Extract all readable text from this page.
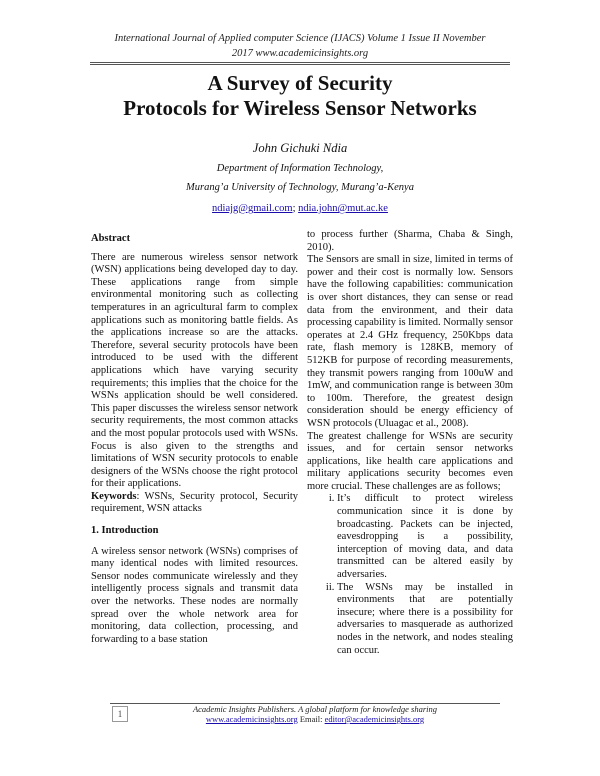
International Journal of Applied computer Science (IJACS) Volume 1 Issue II November
2017 www.academicinsights.org
A Survey of Security
Protocols for Wireless Sensor Networks
John Gichuki Ndia
Department of Information Technology,
Murang’a University of Technology, Murang’a-Kenya
ndiajg@gmail.com; ndia.john@mut.ac.ke
Abstract

There are numerous wireless sensor network (WSN) applications being developed day to day. These applications range from simple environmental monitoring such as collecting temperatures in an agricultural farm to complex applications such as monitoring battle fields. As the applications increase so are the attacks. Therefore, several security protocols have been introduced to be used with the different applications which have varying security requirements; this implies that the choice for the WSNs application should be well considered. This paper discusses the wireless sensor network security requirements, the most common attacks and the most popular protocols used with WSNs. Focus is also given to the strengths and limitations of WSN security protocols to enable designers of the WSNs choose the right protocol for their applications.

Keywords: WSNs, Security protocol, Security requirement, WSN attacks

1. Introduction

A wireless sensor network (WSNs) comprises of many identical nodes with limited resources. Sensor nodes communicate wirelessly and they intelligently process signals and transmit data over the networks. These nodes are normally spread over the whole network area for monitoring, data collection, processing, and forwarding to a base station

to process further (Sharma, Chaba & Singh, 2010).

The Sensors are small in size, limited in terms of power and their cost is normally low. Sensors have the following capabilities: communication is over short distances, they can sense or read data from the environment, and their data processing capability is limited. Normally sensor operates at 2.4 GHz frequency, 250Kbps data rate, flash memory is 128KB, memory of 512KB for purpose of recording measurements, they transmit powers ranging from 100uW and 1mW, and communication range is between 30m to 100m. Therefore, the greatest design consideration should be energy efficiency of WSN protocols (Uluagac et al., 2008).

The greatest challenge for WSNs are security issues, and for certain sensor networks applications, like health care applications and military applications security becomes even more crucial. These challenges are as follows;

i. It’s difficult to protect wireless communication since it is done by broadcasting. Packets can be injected, eavesdropping is a possibility, interception of moving data, and data transmitted can be altered easily by adversaries.
ii. The WSNs may be installed in environments that are potentially insecure; where there is a possibility for adversaries to masquerade as authorized nodes in the network, and nodes stealing can occur.
1	Academic Insights Publishers. A global platform for knowledge sharing
www.academicinsights.org Email: editor@academicinsights.org
